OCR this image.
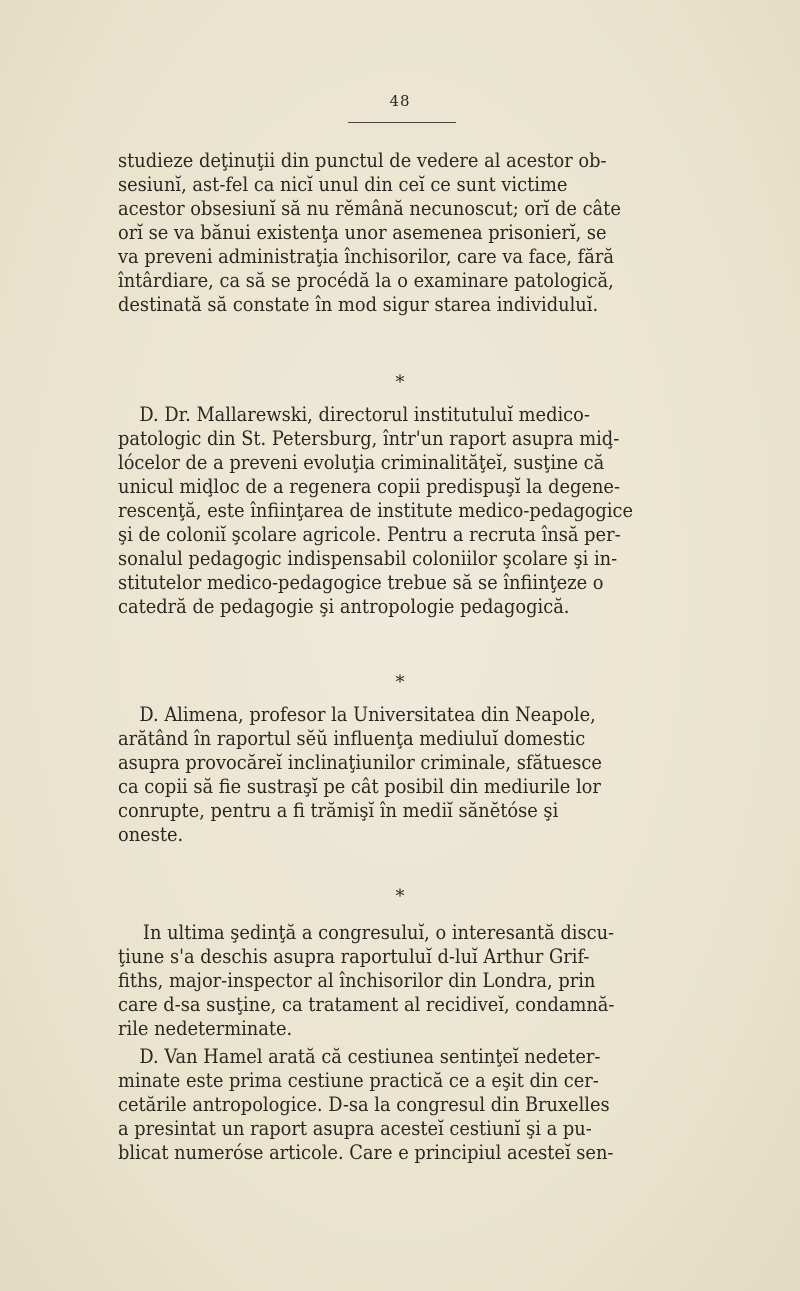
48
studieze deţinuţii din punctul de vedere al acestor ob-
sesiunĭ, ast-fel ca nicĭ unul din ceĭ ce sunt victime
acestor obsesiunĭ să nu rĕmână necunoscut; orĭ de câte
orĭ se va bănui existenţa unor asemenea prisonierĭ, se
va preveni administraţia închisorilor, care va face, fără
întârdiare, ca să se procédă la o examinare patologică,
destinată să constate în mod sigur starea individuluĭ.
*
D. Dr. Mallarewski, directorul institutuluĭ medico-
patologic din St. Petersburg, într'un raport asupra miḑ-
lócelor de a preveni evoluţia criminalităţeĭ, susţine că
unicul miḑloc de a regenera copii predispuşĭ la degene-
rescenţă, este înfiinţarea de institute medico-pedagogice
şi de coloniĭ şcolare agricole. Pentru a recruta însă per-
sonalul pedagogic indispensabil coloniilor şcolare şi in-
stitutelor medico-pedagogice trebue să se înfiinţeze o
catedră de pedagogie şi antropologie pedagogică.
*
D. Alimena, profesor la Universitatea din Neapole,
arătând în raportul sĕŭ influenţa mediuluĭ domestic
asupra provocăreĭ inclinaţiunilor criminale, sfătuesce
ca copii să fie sustraşĭ pe cât posibil din mediurile lor
conrupte, pentru a fi trămişĭ în mediĭ sănĕtóse şi
oneste.
*
In ultima şedinţă a congresuluĭ, o interesantă discu-
ţiune s'a deschis asupra raportuluĭ d-luĭ Arthur Grif-
fiths, major-inspector al închisorilor din Londra, prin
care d-sa susţine, ca tratament al recidiveĭ, condamnă-
rile nedeterminate.
D. Van Hamel arată că cestiunea sentinţeĭ nedeter-
minate este prima cestiune practică ce a eşit din cer-
cetările antropologice. D-sa la congresul din Bruxelles
a presintat un raport asupra acesteĭ cestiunĭ şi a pu-
blicat numeróse articole. Care e principiul acesteĭ sen-
